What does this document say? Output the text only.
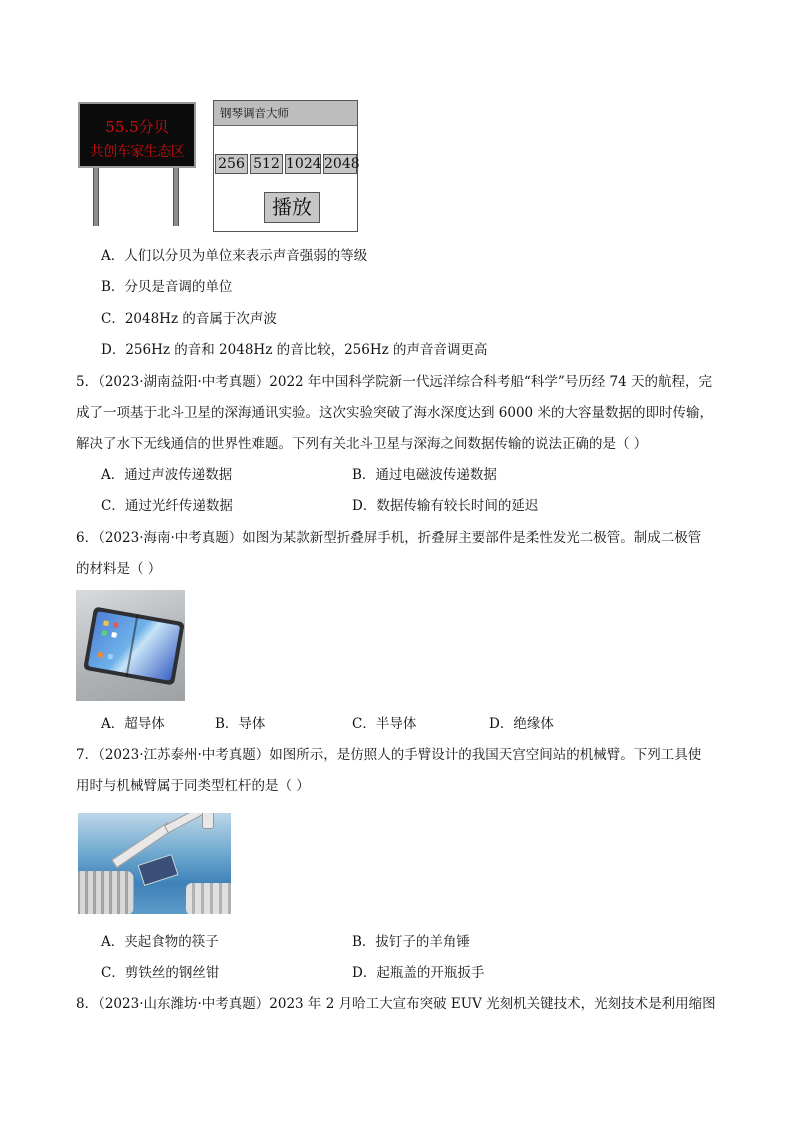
55.5分贝
共创车家生态区
钢琴调音大师
256 512 1024 2048
播放
A．人们以分贝为单位来表示声音强弱的等级
B．分贝是音调的单位
C．2048Hz 的音属于次声波
D．256Hz 的音和 2048Hz 的音比较，256Hz 的声音音调更高
5．（2023·湖南益阳·中考真题）2022 年中国科学院新一代远洋综合科考船“科学”号历经 74 天的航程，完
成了一项基于北斗卫星的深海通讯实验。这次实验突破了海水深度达到 6000 米的大容量数据的即时传输，
解决了水下无线通信的世界性难题。下列有关北斗卫星与深海之间数据传输的说法正确的是（ ）
A．通过声波传递数据	B．通过电磁波传递数据
C．通过光纤传递数据	D．数据传输有较长时间的延迟
6．（2023·海南·中考真题）如图为某款新型折叠屏手机，折叠屏主要部件是柔性发光二极管。制成二极管
的材料是（ ）
A．超导体	B．导体	C．半导体	D．绝缘体
7．（2023·江苏泰州·中考真题）如图所示，是仿照人的手臂设计的我国天宫空间站的机械臂。下列工具使
用时与机械臂属于同类型杠杆的是（ ）
A．夹起食物的筷子	B．拔钉子的羊角锤
C．剪铁丝的钢丝钳	D．起瓶盖的开瓶扳手
8．（2023·山东潍坊·中考真题）2023 年 2 月哈工大宣布突破 EUV 光刻机关键技术，光刻技术是利用缩图
